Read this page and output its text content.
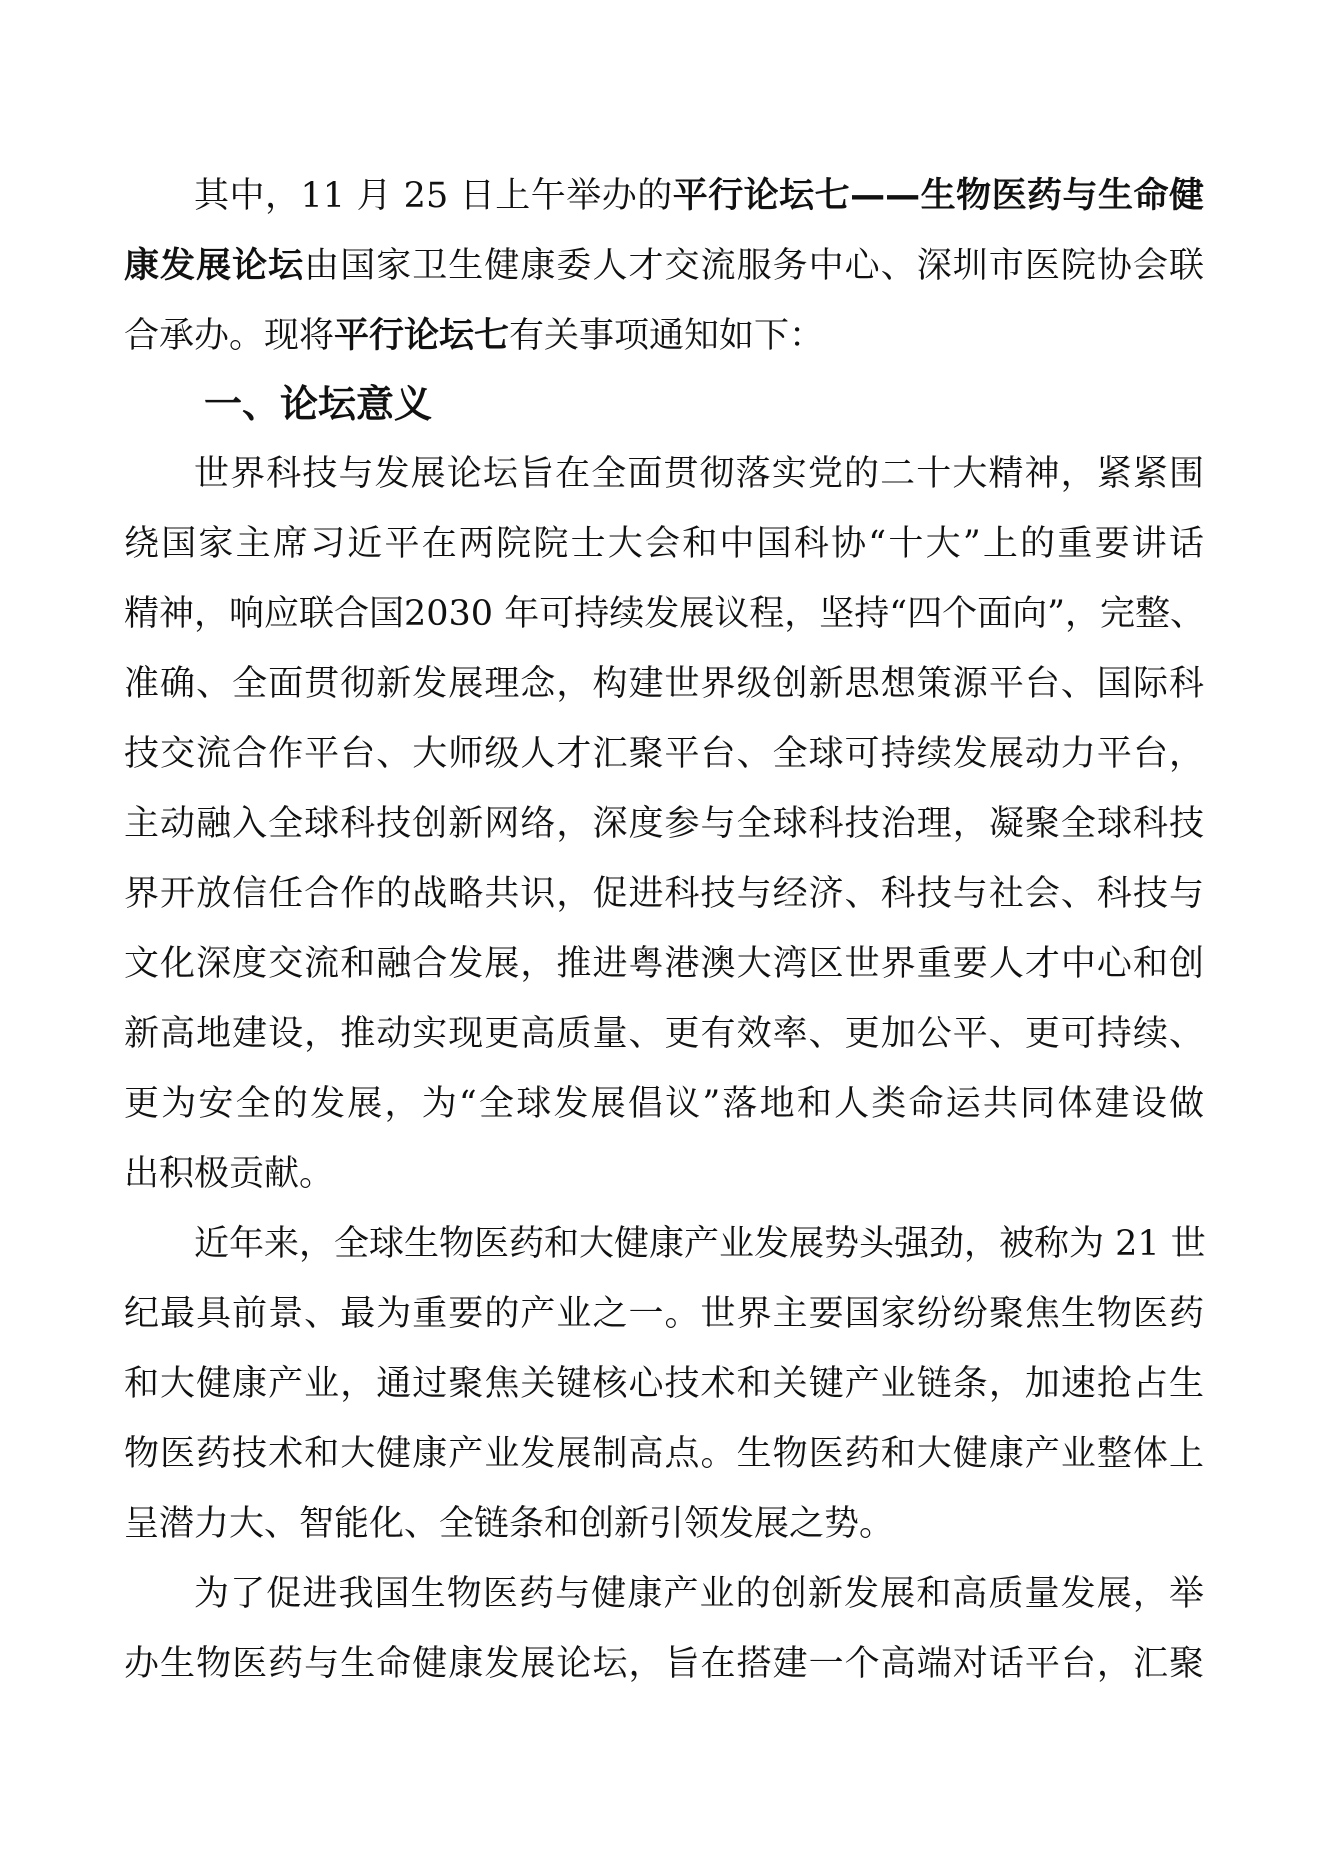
其中，11 月 25 日上午举办的平行论坛七——生物医药与生命健
康发展论坛由国家卫生健康委人才交流服务中心、深圳市医院协会联
合承办。现将平行论坛七有关事项通知如下：
一、论坛意义
世界科技与发展论坛旨在全面贯彻落实党的二十大精神，紧紧围
绕国家主席习近平在两院院士大会和中国科协“十大”上的重要讲话
精神，响应联合国2030 年可持续发展议程，坚持“四个面向”，完整、
准确、全面贯彻新发展理念，构建世界级创新思想策源平台、国际科
技交流合作平台、大师级人才汇聚平台、全球可持续发展动力平台，
主动融入全球科技创新网络，深度参与全球科技治理，凝聚全球科技
界开放信任合作的战略共识，促进科技与经济、科技与社会、科技与
文化深度交流和融合发展，推进粤港澳大湾区世界重要人才中心和创
新高地建设，推动实现更高质量、更有效率、更加公平、更可持续、
更为安全的发展，为“全球发展倡议”落地和人类命运共同体建设做
出积极贡献。
近年来，全球生物医药和大健康产业发展势头强劲，被称为 21 世
纪最具前景、最为重要的产业之一。世界主要国家纷纷聚焦生物医药
和大健康产业，通过聚焦关键核心技术和关键产业链条，加速抢占生
物医药技术和大健康产业发展制高点。生物医药和大健康产业整体上
呈潜力大、智能化、全链条和创新引领发展之势。
为了促进我国生物医药与健康产业的创新发展和高质量发展，举
办生物医药与生命健康发展论坛，旨在搭建一个高端对话平台，汇聚
